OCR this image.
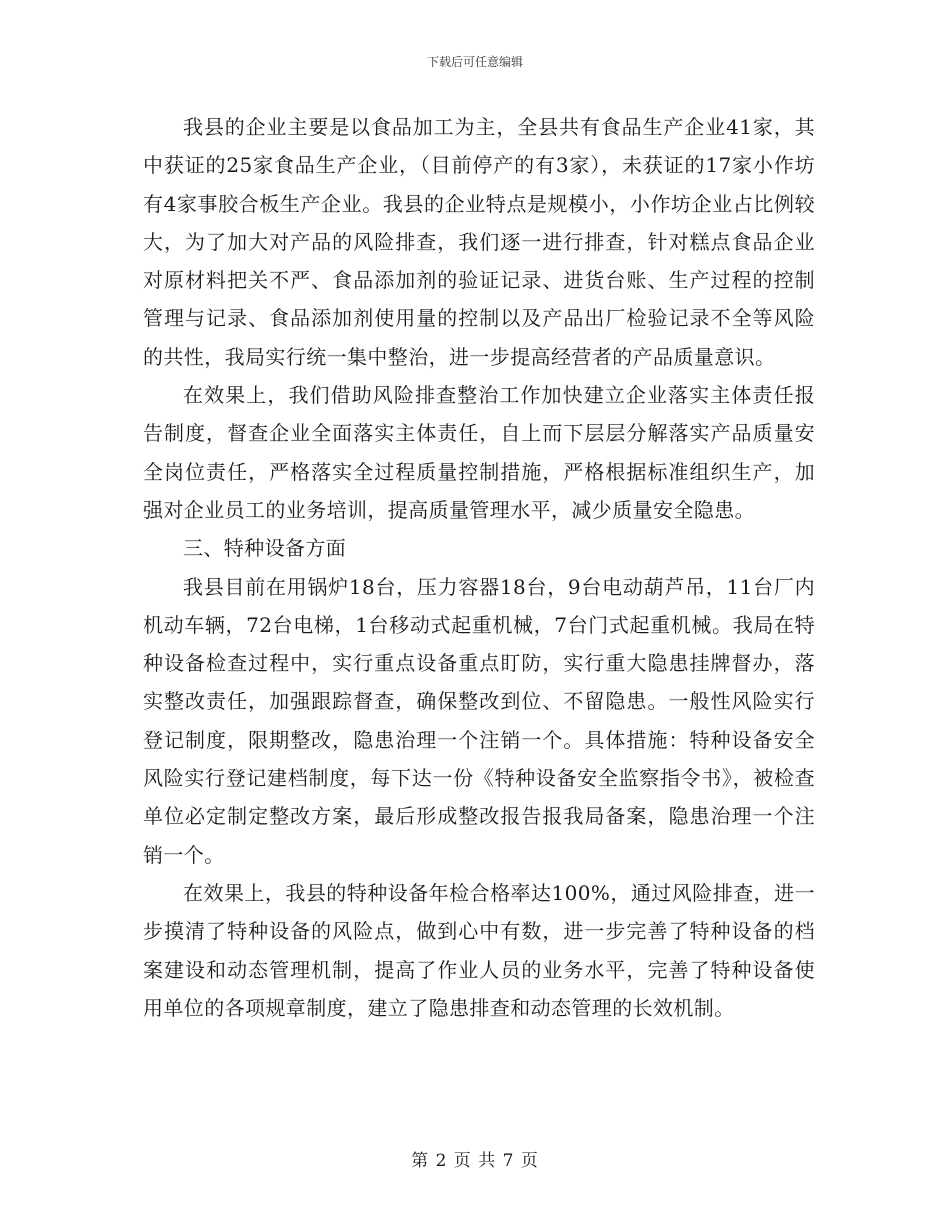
下载后可任意编辑

我县的企业主要是以食品加工为主，全县共有食品生产企业41家，其中获证的25家食品生产企业，（目前停产的有3家），未获证的17家小作坊有4家事胶合板生产企业。我县的企业特点是规模小，小作坊企业占比例较大，为了加大对产品的风险排查，我们逐一进行排查，针对糕点食品企业对原材料把关不严、食品添加剂的验证记录、进货台账、生产过程的控制管理与记录、食品添加剂使用量的控制以及产品出厂检验记录不全等风险的共性，我局实行统一集中整治，进一步提高经营者的产品质量意识。

在效果上，我们借助风险排查整治工作加快建立企业落实主体责任报告制度，督查企业全面落实主体责任，自上而下层层分解落实产品质量安全岗位责任，严格落实全过程质量控制措施，严格根据标准组织生产，加强对企业员工的业务培训，提高质量管理水平，减少质量安全隐患。

三、特种设备方面

我县目前在用锅炉18台，压力容器18台，9台电动葫芦吊，11台厂内机动车辆，72台电梯，1台移动式起重机械，7台门式起重机械。我局在特种设备检查过程中，实行重点设备重点盯防，实行重大隐患挂牌督办，落实整改责任，加强跟踪督查，确保整改到位、不留隐患。一般性风险实行登记制度，限期整改，隐患治理一个注销一个。具体措施：特种设备安全风险实行登记建档制度，每下达一份《特种设备安全监察指令书》，被检查单位必定制定整改方案，最后形成整改报告报我局备案，隐患治理一个注销一个。

在效果上，我县的特种设备年检合格率达100%，通过风险排查，进一步摸清了特种设备的风险点，做到心中有数，进一步完善了特种设备的档案建设和动态管理机制，提高了作业人员的业务水平，完善了特种设备使用单位的各项规章制度，建立了隐患排查和动态管理的长效机制。

第 2 页 共 7 页
